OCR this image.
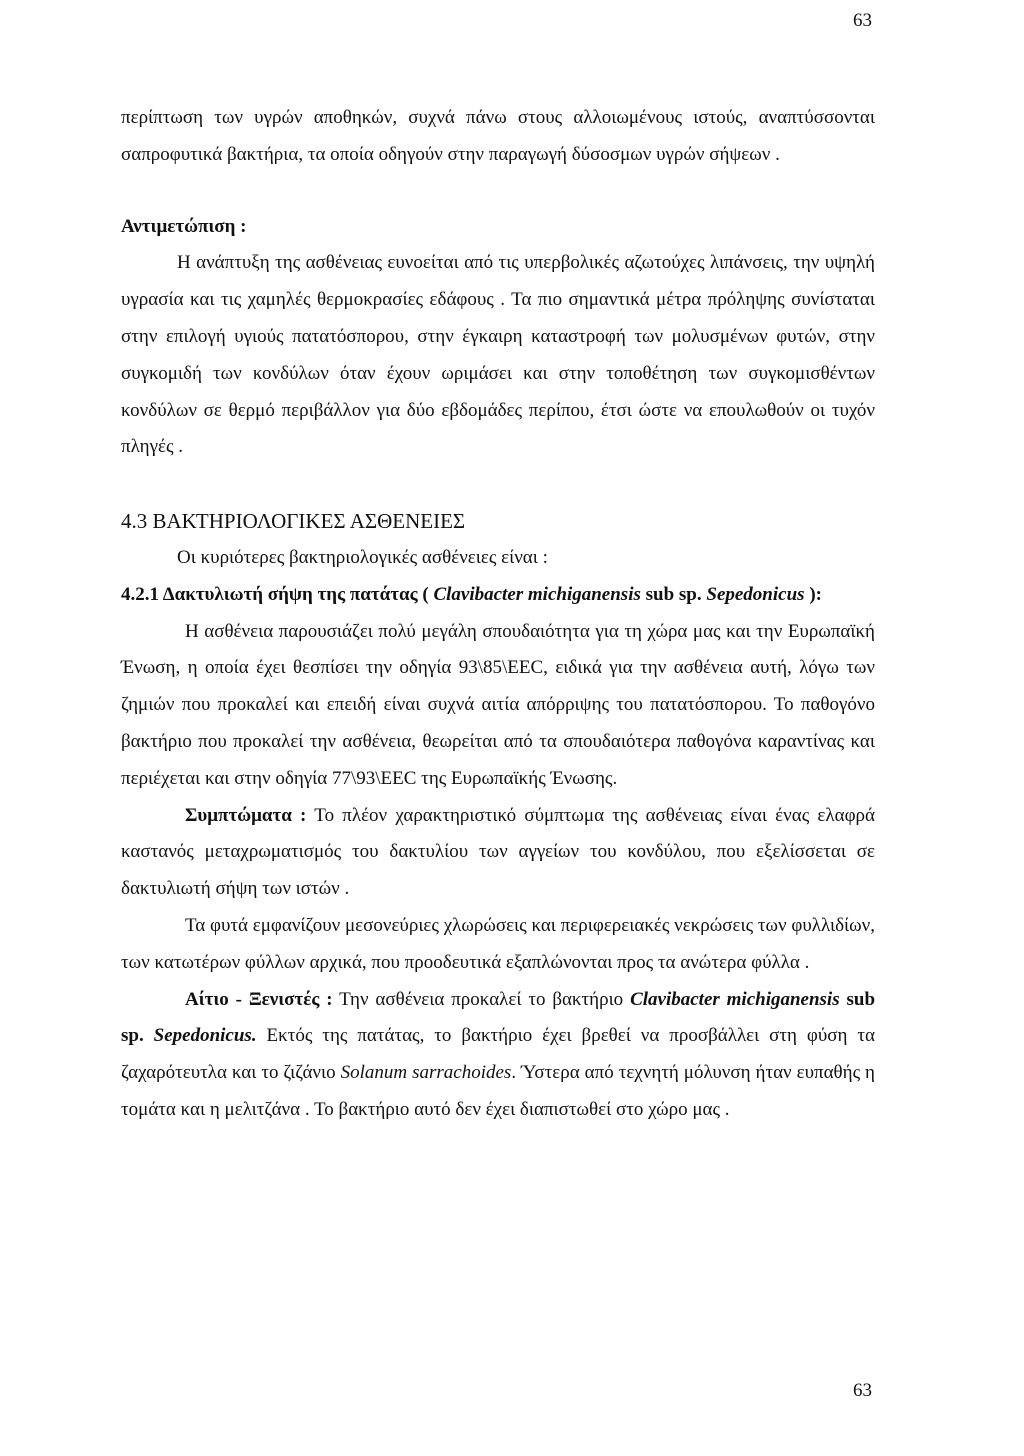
63

περίπτωση των υγρών αποθηκών, συχνά πάνω στους αλλοιωμένους ιστούς, αναπτύσσονται σαπροφυτικά βακτήρια, τα οποία οδηγούν στην παραγωγή δύσοσμων υγρών σήψεων .

Αντιμετώπιση :

Η ανάπτυξη της ασθένειας ευνοείται από τις υπερβολικές αζωτούχες λιπάνσεις, την υψηλή υγρασία και τις χαμηλές θερμοκρασίες εδάφους . Τα πιο σημαντικά μέτρα πρόληψης συνίσταται στην επιλογή υγιούς πατατόσπορου, στην έγκαιρη καταστροφή των μολυσμένων φυτών, στην συγκομιδή των κονδύλων όταν έχουν ωριμάσει και στην τοποθέτηση των συγκομισθέντων κονδύλων σε θερμό περιβάλλον για δύο εβδομάδες περίπου, έτσι ώστε να επουλωθούν οι τυχόν πληγές .

4.3 ΒΑΚΤΗΡΙΟΛΟΓΙΚΕΣ ΑΣΘΕΝΕΙΕΣ

Οι κυριότερες βακτηριολογικές ασθένειες είναι :

4.2.1 Δακτυλιωτή σήψη της πατάτας ( Clavibacter michiganensis sub sp. Sepedonicus ):

Η ασθένεια παρουσιάζει πολύ μεγάλη σπουδαιότητα για τη χώρα μας και την Ευρωπαϊκή Ένωση, η οποία έχει θεσπίσει την οδηγία 93\85\EEC, ειδικά για την ασθένεια αυτή, λόγω των ζημιών που προκαλεί και επειδή είναι συχνά αιτία απόρριψης του πατατόσπορου. Το παθογόνο βακτήριο που προκαλεί την ασθένεια, θεωρείται από τα σπουδαιότερα παθογόνα καραντίνας και περιέχεται και στην οδηγία 77\93\EEC της Ευρωπαϊκής Ένωσης.

Συμπτώματα : Το πλέον χαρακτηριστικό σύμπτωμα της ασθένειας είναι ένας ελαφρά καστανός μεταχρωματισμός του δακτυλίου των αγγείων του κονδύλου, που εξελίσσεται σε δακτυλιωτή σήψη των ιστών .

Τα φυτά εμφανίζουν μεσονεύριες χλωρώσεις και περιφερειακές νεκρώσεις των φυλλιδίων, των κατωτέρων φύλλων αρχικά, που προοδευτικά εξαπλώνονται προς τα ανώτερα φύλλα .

Αίτιο - Ξενιστές : Την ασθένεια προκαλεί το βακτήριο Clavibacter michiganensis sub sp. Sepedonicus. Εκτός της πατάτας, το βακτήριο έχει βρεθεί να προσβάλλει στη φύση τα ζαχαρότευτλα και το ζιζάνιο Solanum sarrachoides. Ύστερα από τεχνητή μόλυνση ήταν ευπαθής η τομάτα και η μελιτζάνα . Το βακτήριο αυτό δεν έχει διαπιστωθεί στο χώρο μας .

63
